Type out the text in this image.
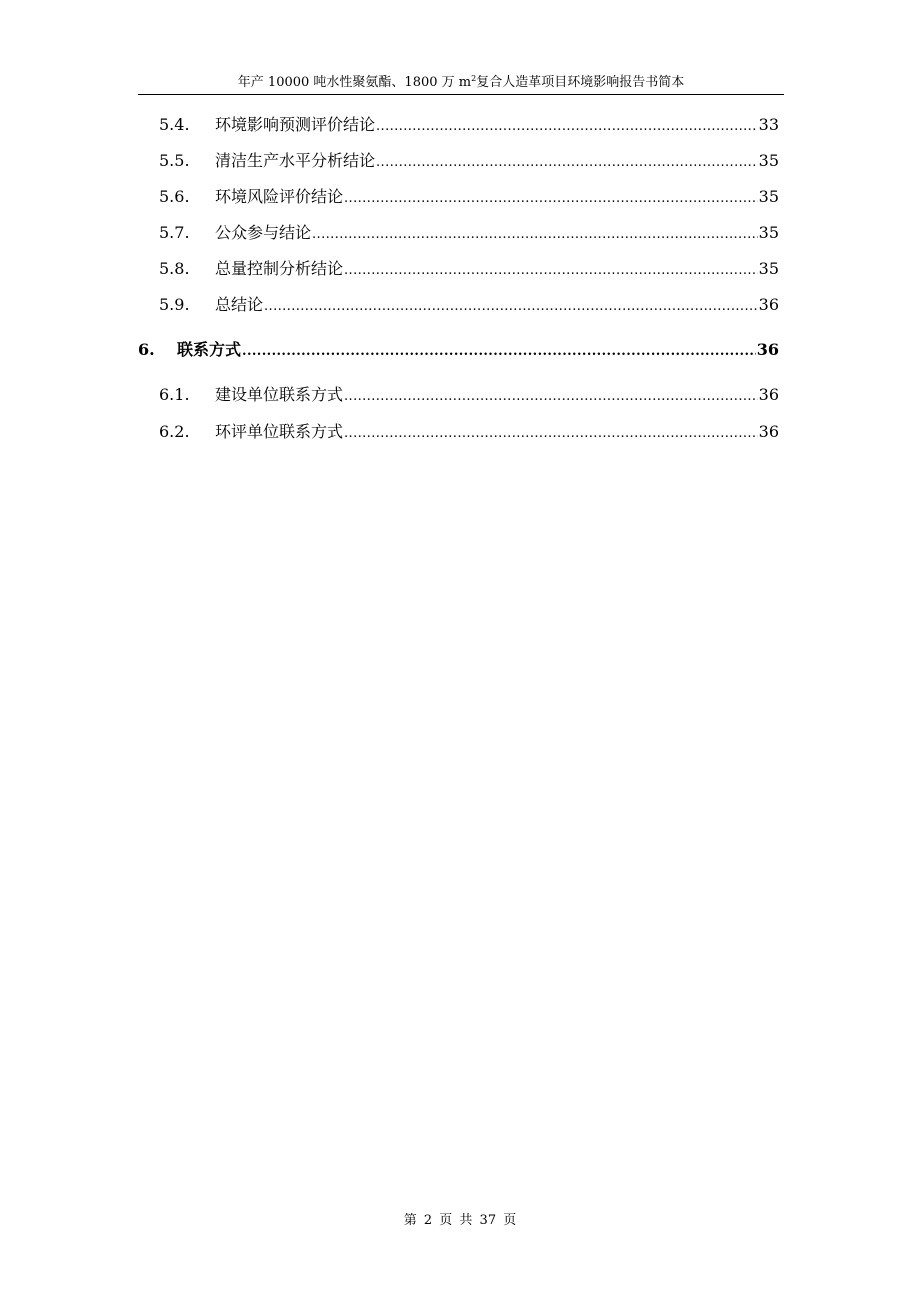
年产 10000 吨水性聚氨酯、1800 万 $m^2$复合人造革项目环境影响报告书简本
5.4. 环境影响预测评价结论 .....	33
5.5. 清洁生产水平分析结论 .....	35
5.6. 环境风险评价结论 .....	35
5.7. 公众参与结论 .....	35
5.8. 总量控制分析结论 .....	35
5.9. 总结论 .....	36
6. 联系方式 .....	36
6.1. 建设单位联系方式 .....	36
6.2. 环评单位联系方式 .....	36
第 2 页 共 37 页
